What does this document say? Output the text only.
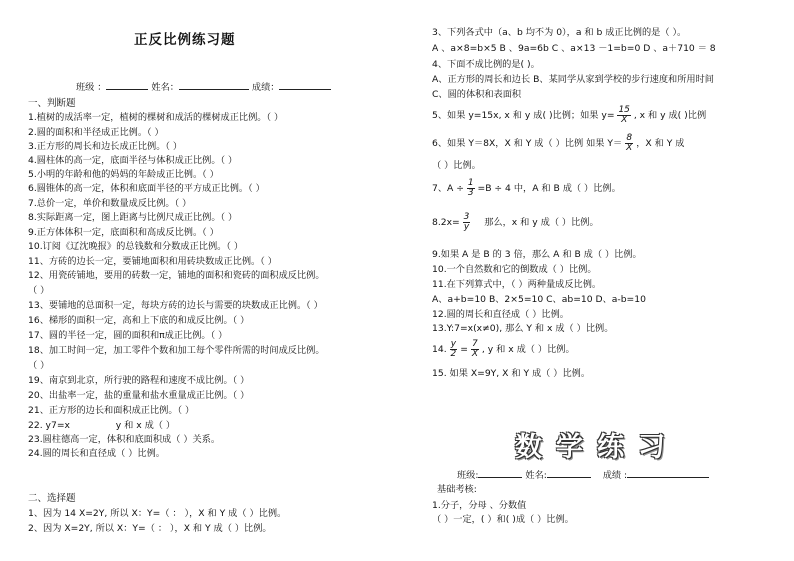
正反比例练习题
班级 ：	姓名：	成绩：
一、判断题
1.植树的成活率一定，植树的棵树和成活的棵树成正比例。（ ）
2.圆的面积和半径成正比例。（ ）
3.正方形的周长和边长成正比例。（ ）
4.圆柱体的高一定，底面半径与体积成正比例。（ ）
5.小明的年龄和他的妈妈的年龄成正比例。（ ）
6.圆锥体的高一定，体积和底面半径的平方成正比例。（ ）
7.总价一定，单价和数量成反比例。（ ）
8.实际距离一定，图上距离与比例尺成正比例。（ ）
9.正方体体积一定，底面积和高成反比例。（ ）
10.订阅《辽沈晚报》的总钱数和分数成正比例。（ ）
11、方砖的边长一定，要铺地面积和用砖块数成正比例。（ ）
12、用瓷砖铺地，要用的砖数一定，铺地的面积和瓷砖的面积成反比例。
（ ）
13、要铺地的总面积一定，每块方砖的边长与需要的块数成正比例。（ ）
16、梯形的面积一定，高和上下底的和成反比例。（ ）
17、圆的半径一定，圆的面积和π成正比例。（ ）
18、加工时间一定，加工零件个数和加工每个零件所需的时间成反比例。
（ ）
19、南京到北京，所行驶的路程和速度不成比例。（ ）
20、出盐率一定，盐的重量和盐水重量成正比例。（ ）
21、正方形的边长和面积成正比例。（ ）
22. y7=x	y 和 x 成（ ）
23.圆柱德高一定，体积和底面积成（ ）关系。
24.圆的周长和直径成（ ）比例。
二、选择题
1、因为 14 X=2Y, 所以 X：Y=（ ： ），X 和 Y 成（ ）比例。
2、因为 X=2Y, 所以 X：Y=（ ： ），X 和 Y 成（ ）比例。
3、下列各式中（a、b 均不为 0），a 和 b 成正比例的是（ ）。
A 、a×8=b×5 B 、9a=6b C 、a×13 －1=b=0 D 、a＋710 ＝ 8
4、下面不成比例的是( )。
A、正方形的周长和边长 B、某同学从家到学校的步行速度和所用时间
C、圆的体积和表面积
5、如果 y=15x, x 和 y 成( )比例；如果 $y= \frac{15}{X}$ , x 和 y 成( )比例
6、如果 Y＝8X，X 和 Y 成（ ）比例 如果 $Y= \frac{8}{X}$ ，X 和 Y 成
（ ）比例。
7、$A \div \frac{1}{3} =B \div 4$ 中，A 和 B 成（ ）比例。
$8.2x= \frac{3}{y}$ 那么，x 和 y 成（ ）比例。
9.如果 A 是 B 的 3 倍，那么 A 和 B 成（ ）比例。
10.一个自然数和它的倒数成（ ）比例。
11.在下列算式中，（ ）两种量成反比例。
A、a+b=10 B、2×5=10 C、ab=10 D、a-b=10
12.圆的周长和直径成（ ）比例。
13.Y:7=x(x≠0), 那么 Y 和 x 成（ ）比例。
14. $\frac{y}{2} = \frac{7}{X}$ , y 和 x 成（ ）比例。
15. 如果 X=9Y, X 和 Y 成（ ）比例。
数学练习
班级:	姓名:	成绩 :
基础考核:
1.分子，分母 、分数值
（ ）一定，( ）和( )成（ ）比例。
